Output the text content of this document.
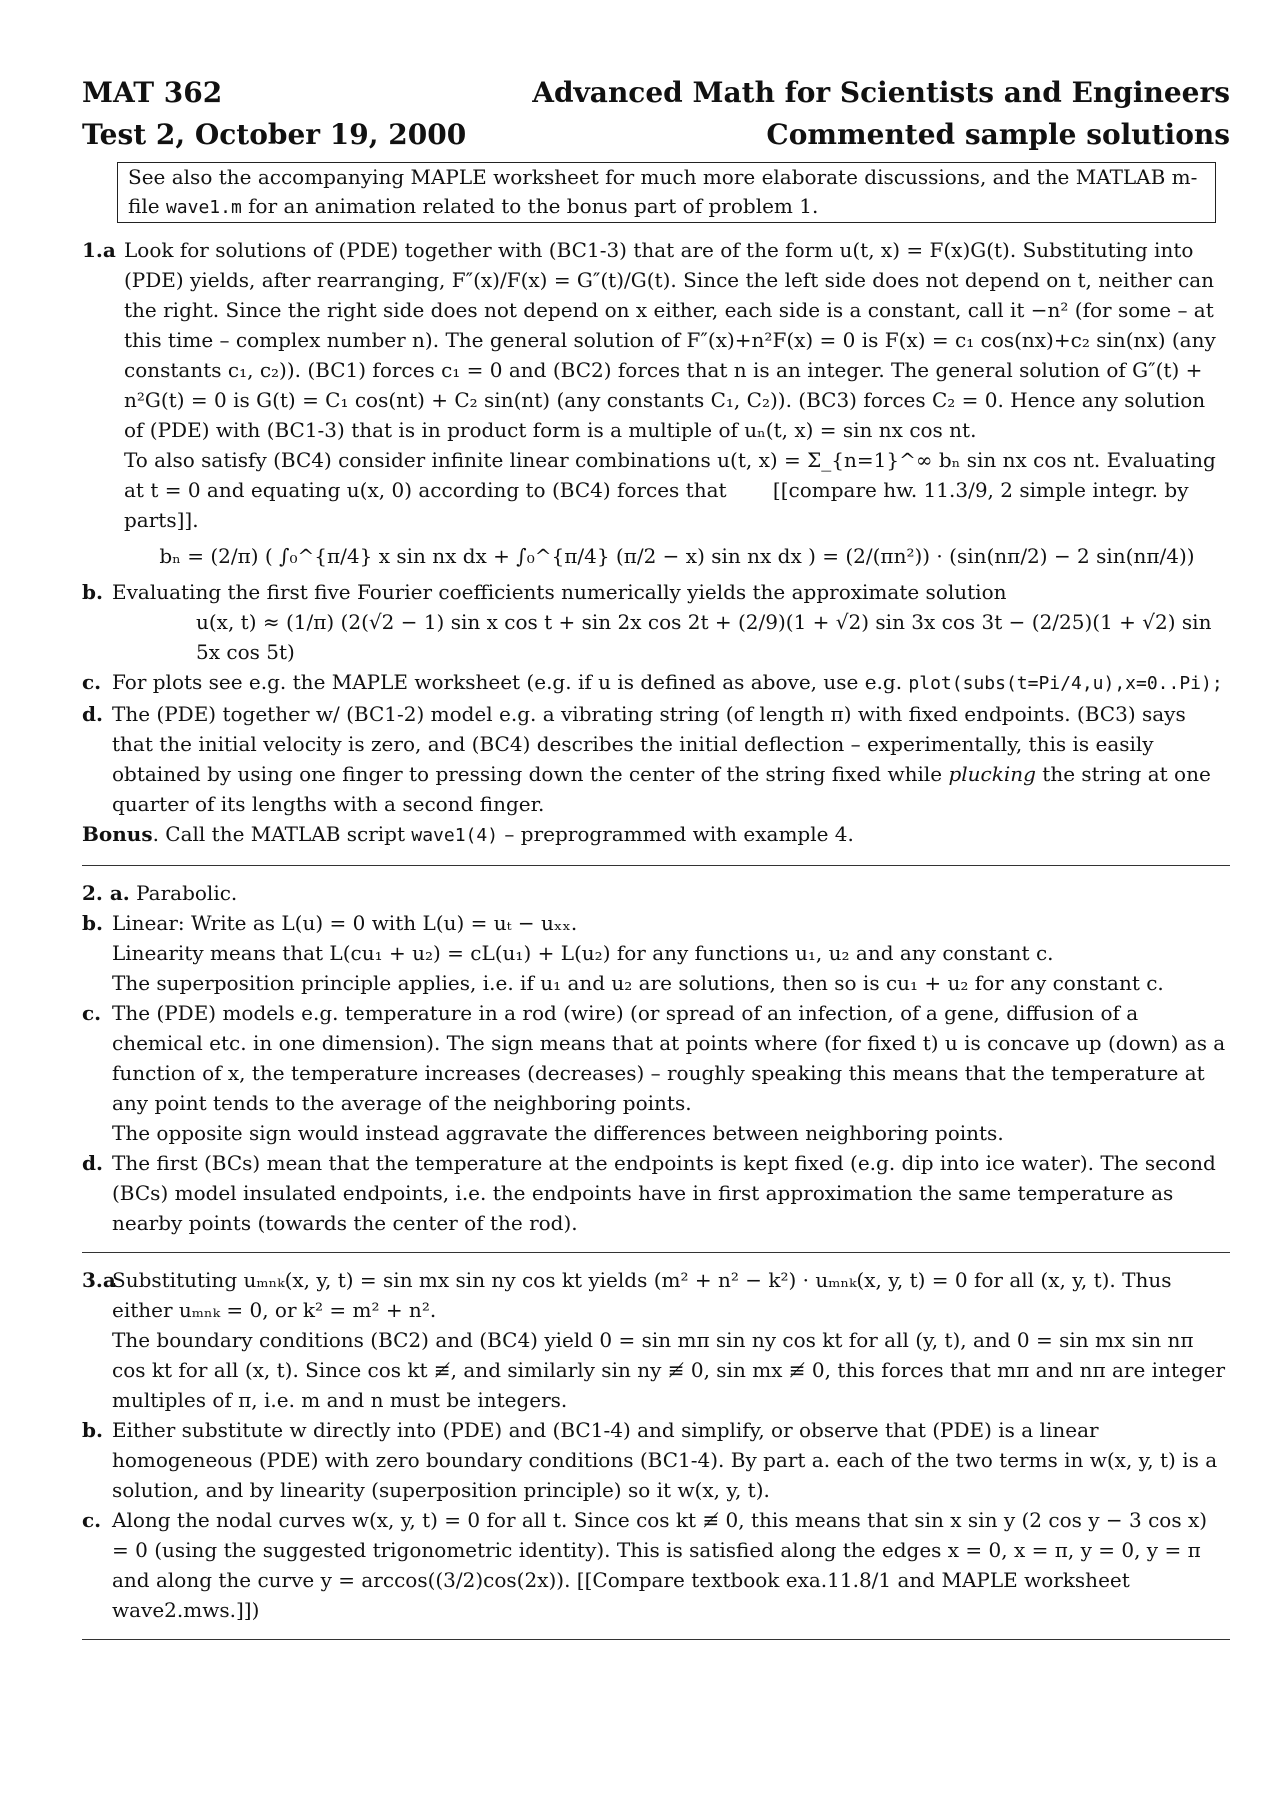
MAT 362	Advanced Math for Scientists and Engineers
Test 2, October 19, 2000	Commented sample solutions
See also the accompanying MAPLE worksheet for much more elaborate discussions, and the MATLAB m-file wave1.m for an animation related to the bonus part of problem 1.
1.a Look for solutions of (PDE) together with (BC1-3) that are of the form u(t, x) = F(x)G(t). Substituting into (PDE) yields, after rearranging, F″(x)/F(x) = G″(t)/G(t). Since the left side does not depend on t, neither can the right. Since the right side does not depend on x either, each side is a constant, call it −n² (for some – at this time – complex number n). The general solution of F″(x)+n²F(x) = 0 is F(x) = c₁ cos(nx)+c₂ sin(nx) (any constants c₁, c₂)). (BC1) forces c₁ = 0 and (BC2) forces that n is an integer. The general solution of G″(t) + n²G(t) = 0 is G(t) = C₁ cos(nt) + C₂ sin(nt) (any constants C₁, C₂)). (BC3) forces C₂ = 0. Hence any solution of (PDE) with (BC1-3) that is in product form is a multiple of uₙ(t, x) = sin nx cos nt.

To also satisfy (BC4) consider infinite linear combinations u(t, x) = Σ_{n=1}^∞ bₙ sin nx cos nt. Evaluating at t = 0 and equating u(x, 0) according to (BC4) forces that [[compare hw. 11.3/9, 2 simple integr. by parts]].

bₙ = (2/π) ( ∫₀^{π/4} x sin nx dx + ∫₀^{π/4} (π/2 − x) sin nx dx ) = (2/(πn²)) · (sin(nπ/2) − 2 sin(nπ/4))

b. Evaluating the first five Fourier coefficients numerically yields the approximate solution

u(x, t) ≈ (1/π) (2(√2 − 1) sin x cos t + sin 2x cos 2t + (2/9)(1 + √2) sin 3x cos 3t − (2/25)(1 + √2) sin 5x cos 5t)

c. For plots see e.g. the MAPLE worksheet (e.g. if u is defined as above, use e.g. plot(subs(t=Pi/4,u),x=0..Pi);

d. The (PDE) together w/ (BC1-2) model e.g. a vibrating string (of length π) with fixed endpoints. (BC3) says that the initial velocity is zero, and (BC4) describes the initial deflection – experimentally, this is easily obtained by using one finger to pressing down the center of the string fixed while plucking the string at one quarter of its lengths with a second finger.

Bonus. Call the MATLAB script wave1(4) – preprogrammed with example 4.

2. a. Parabolic.

b. Linear: Write as L(u) = 0 with L(u) = uₜ − uₓₓ.

Linearity means that L(cu₁ + u₂) = cL(u₁) + L(u₂) for any functions u₁, u₂ and any constant c.

The superposition principle applies, i.e. if u₁ and u₂ are solutions, then so is cu₁ + u₂ for any constant c.

c. The (PDE) models e.g. temperature in a rod (wire) (or spread of an infection, of a gene, diffusion of a chemical etc. in one dimension). The sign means that at points where (for fixed t) u is concave up (down) as a function of x, the temperature increases (decreases) – roughly speaking this means that the temperature at any point tends to the average of the neighboring points.

The opposite sign would instead aggravate the differences between neighboring points.

d. The first (BCs) mean that the temperature at the endpoints is kept fixed (e.g. dip into ice water). The second (BCs) model insulated endpoints, i.e. the endpoints have in first approximation the same temperature as nearby points (towards the center of the rod).

3.a

Substituting uₘₙₖ(x, y, t) = sin mx sin ny cos kt yields (m² + n² − k²) · uₘₙₖ(x, y, t) = 0 for all (x, y, t). Thus either uₘₙₖ = 0, or k² = m² + n².

The boundary conditions (BC2) and (BC4) yield 0 = sin mπ sin ny cos kt for all (y, t), and 0 = sin mx sin nπ cos kt for all (x, t). Since cos kt ≢, and similarly sin ny ≢ 0, sin mx ≢ 0, this forces that mπ and nπ are integer multiples of π, i.e. m and n must be integers.

b. Either substitute w directly into (PDE) and (BC1-4) and simplify, or observe that (PDE) is a linear homogeneous (PDE) with zero boundary conditions (BC1-4). By part a. each of the two terms in w(x, y, t) is a solution, and by linearity (superposition principle) so it w(x, y, t).

c. Along the nodal curves w(x, y, t) = 0 for all t. Since cos kt ≢ 0, this means that sin x sin y (2 cos y − 3 cos x) = 0 (using the suggested trigonometric identity). This is satisfied along the edges x = 0, x = π, y = 0, y = π and along the curve y = arccos((3/2)cos(2x)). [[Compare textbook exa.11.8/1 and MAPLE worksheet wave2.mws.]])
